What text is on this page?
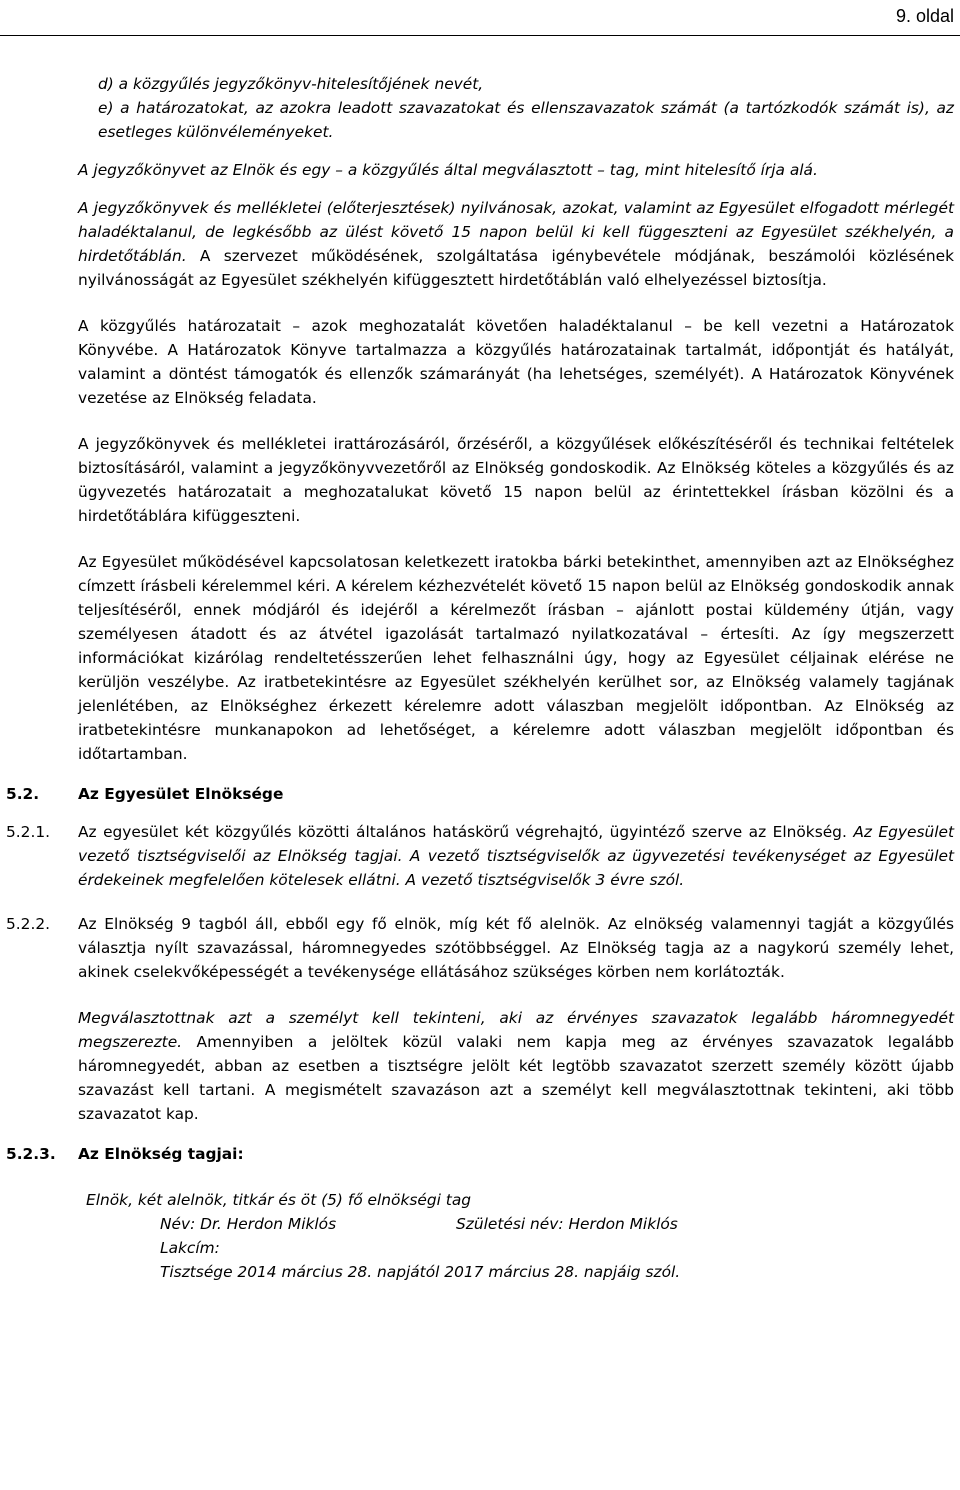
9. oldal

d) a közgyűlés jegyzőkönyv-hitelesítőjének nevét,

e) a határozatokat, az azokra leadott szavazatokat és ellenszavazatok számát (a tartózkodók számát is), az esetleges különvéleményeket.

A jegyzőkönyvet az Elnök és egy – a közgyűlés által megválasztott – tag, mint hitelesítő írja alá.

A jegyzőkönyvek és mellékletei (előterjesztések) nyilvánosak, azokat, valamint az Egyesület elfogadott mérlegét haladéktalanul, de legkésőbb az ülést követő 15 napon belül ki kell függeszteni az Egyesület székhelyén, a hirdetőtáblán. A szervezet működésének, szolgáltatása igénybevétele módjának, beszámolói közlésének nyilvánosságát az Egyesület székhelyén kifüggesztett hirdetőtáblán való elhelyezéssel biztosítja.

A közgyűlés határozatait – azok meghozatalát követően haladéktalanul – be kell vezetni a Határozatok Könyvébe. A Határozatok Könyve tartalmazza a közgyűlés határozatainak tartalmát, időpontját és hatályát, valamint a döntést támogatók és ellenzők számarányát (ha lehetséges, személyét). A Határozatok Könyvének vezetése az Elnökség feladata.

A jegyzőkönyvek és mellékletei irattározásáról, őrzéséről, a közgyűlések előkészítéséről és technikai feltételek biztosításáról, valamint a jegyzőkönyvvezetőről az Elnökség gondoskodik. Az Elnökség köteles a közgyűlés és az ügyvezetés határozatait a meghozatalukat követő 15 napon belül az érintettekkel írásban közölni és a hirdetőtáblára kifüggeszteni.

Az Egyesület működésével kapcsolatosan keletkezett iratokba bárki betekinthet, amennyiben azt az Elnökséghez címzett írásbeli kérelemmel kéri. A kérelem kézhezvételét követő 15 napon belül az Elnökség gondoskodik annak teljesítéséről, ennek módjáról és idejéről a kérelmezőt írásban – ajánlott postai küldemény útján, vagy személyesen átadott és az átvétel igazolását tartalmazó nyilatkozatával – értesíti. Az így megszerzett információkat kizárólag rendeltetésszerűen lehet felhasználni úgy, hogy az Egyesület céljainak elérése ne kerüljön veszélybe. Az iratbetekintésre az Egyesület székhelyén kerülhet sor, az Elnökség valamely tagjának jelenlétében, az Elnökséghez érkezett kérelemre adott válaszban megjelölt időpontban. Az Elnökség az iratbetekintésre munkanapokon ad lehetőséget, a kérelemre adott válaszban megjelölt időpontban és időtartamban.

5.2.	Az Egyesület Elnöksége

5.2.1. Az egyesület két közgyűlés közötti általános hatáskörű végrehajtó, ügyintéző szerve az Elnökség. Az Egyesület vezető tisztségviselői az Elnökség tagjai. A vezető tisztségviselők az ügyvezetési tevékenységet az Egyesület érdekeinek megfelelően kötelesek ellátni. A vezető tisztségviselők 3 évre szól.

5.2.2. Az Elnökség 9 tagból áll, ebből egy fő elnök, míg két fő alelnök. Az elnökség valamennyi tagját a közgyűlés választja nyílt szavazással, háromnegyedes szótöbbséggel. Az Elnökség tagja az a nagykorú személy lehet, akinek cselekvőképességét a tevékenysége ellátásához szükséges körben nem korlátozták.

Megválasztottnak azt a személyt kell tekinteni, aki az érvényes szavazatok legalább háromnegyedét megszerezte. Amennyiben a jelöltek közül valaki nem kapja meg az érvényes szavazatok legalább háromnegyedét, abban az esetben a tisztségre jelölt két legtöbb szavazatot szerzett személy között újabb szavazást kell tartani. A megismételt szavazáson azt a személyt kell megválasztottnak tekinteni, aki több szavazatot kap.

5.2.3. Az Elnökség tagjai:
Elnök, két alelnök, titkár és öt (5) fő elnökségi tag
Név: Dr. Herdon Miklós	Születési név: Herdon Miklós
Lakcím:
Tisztsége 2014 március 28. napjától 2017 március 28. napjáig szól.
